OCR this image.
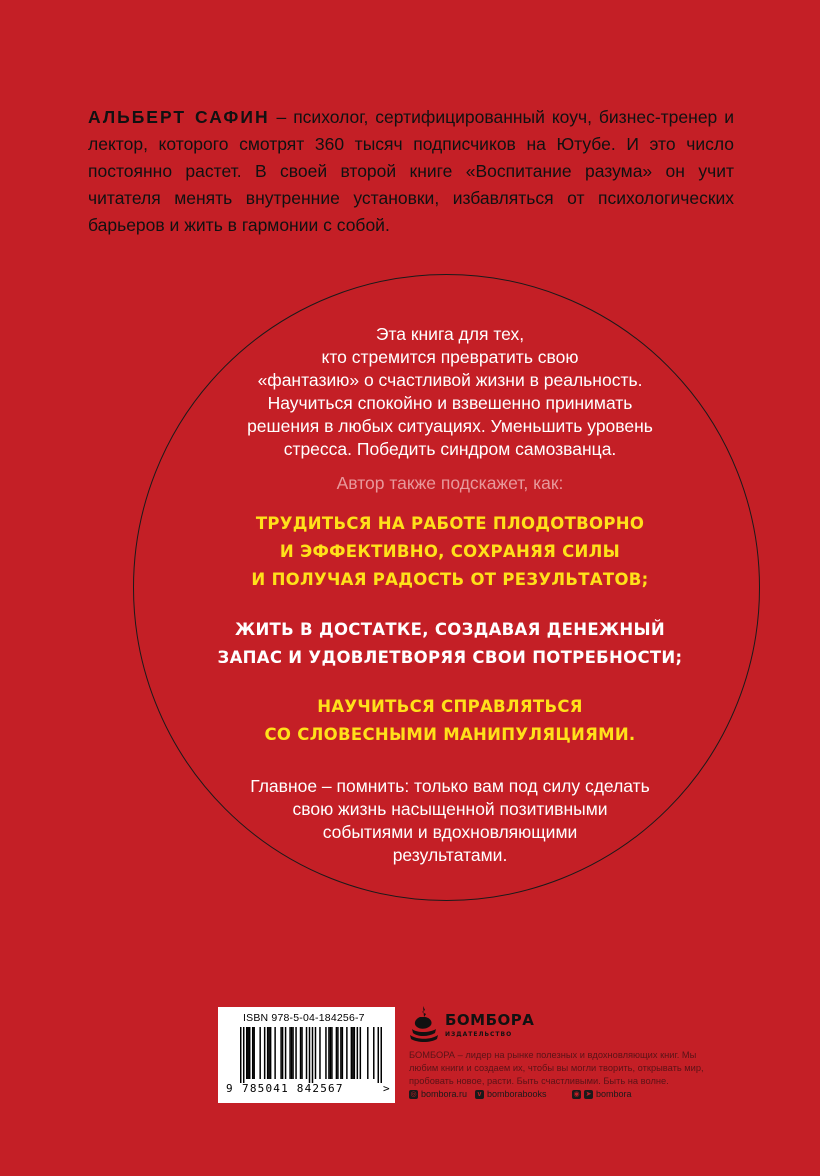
АЛЬБЕРТ САФИН – психолог, сертифицированный коуч, бизнес-тренер и лектор, которого смотрят 360 тысяч подписчиков на Ютубе. И это число постоянно растет. В своей второй книге «Воспитание разума» он учит читателя менять внутренние установки, избавляться от психологических барьеров и жить в гармонии с собой.
Эта книга для тех,
кто стремится превратить свою
«фантазию» о счастливой жизни в реальность.
Научиться спокойно и взвешенно принимать
решения в любых ситуациях. Уменьшить уровень
стресса. Победить синдром самозванца.
Автор также подскажет, как:
ТРУДИТЬСЯ НА РАБОТЕ ПЛОДОТВОРНО
И ЭФФЕКТИВНО, СОХРАНЯЯ СИЛЫ
И ПОЛУЧАЯ РАДОСТЬ ОТ РЕЗУЛЬТАТОВ;
ЖИТЬ В ДОСТАТКЕ, СОЗДАВАЯ ДЕНЕЖНЫЙ
ЗАПАС И УДОВЛЕТВОРЯЯ СВОИ ПОТРЕБНОСТИ;
НАУЧИТЬСЯ СПРАВЛЯТЬСЯ
СО СЛОВЕСНЫМИ МАНИПУЛЯЦИЯМИ.
Главное – помнить: только вам под силу сделать
свою жизнь насыщенной позитивными
событиями и вдохновляющими
результатами.
ISBN 978-5-04-184256-7
9 785041 842567	>
БОМБОРА
ИЗДАТЕЛЬСТВО
БОМБОРА – лидер на рынке полезных и вдохновляющих книг. Мы любим книги и создаем их, чтобы вы могли творить, открывать мир, пробовать новое, расти. Быть счастливыми. Быть на волне.
◎ bombora.ru	v bomborabooks	◉ ➤ bombora
